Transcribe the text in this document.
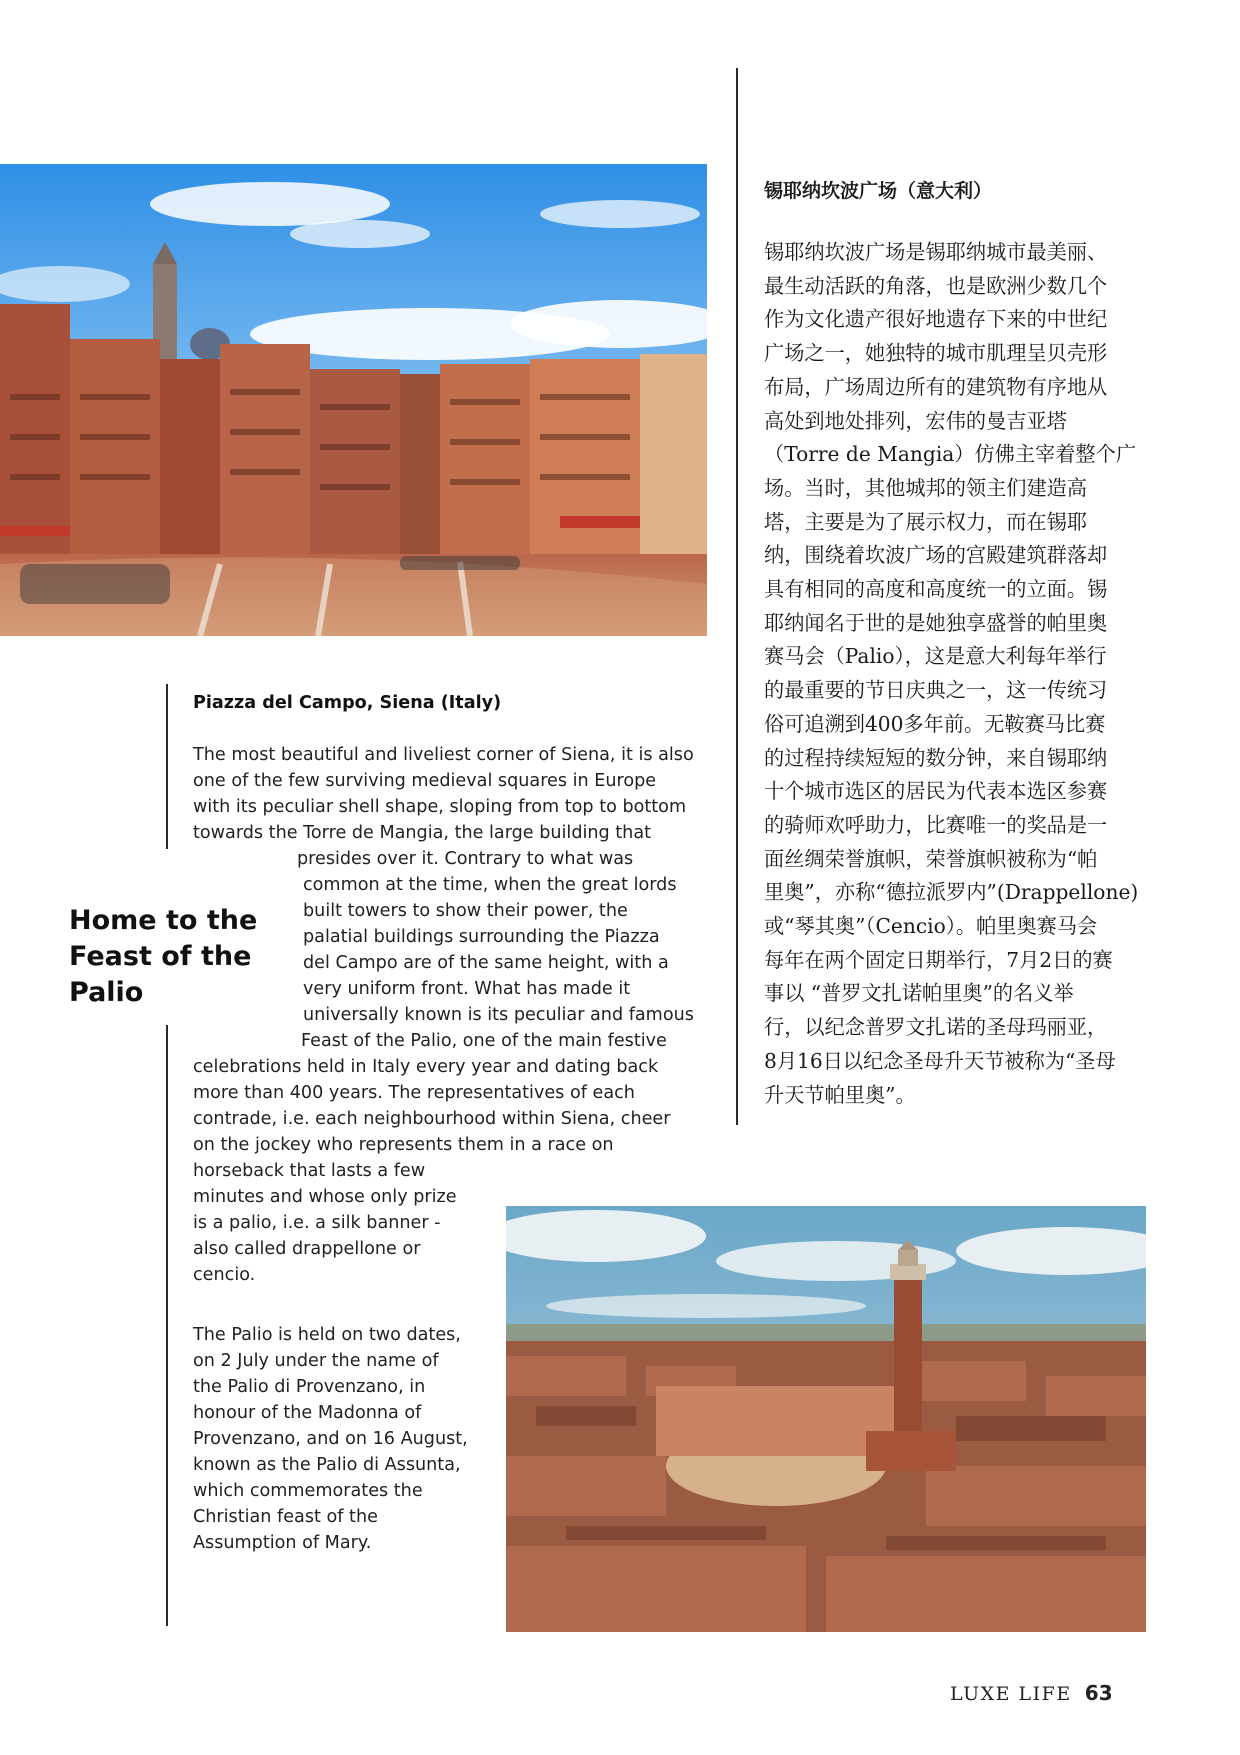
Piazza del Campo, Siena (Italy)
Home to the
Feast of the
Palio
The most beautiful and liveliest corner of Siena, it is also
one of the few surviving medieval squares in Europe
with its peculiar shell shape, sloping from top to bottom
towards the Torre de Mangia, the large building that
presides over it. Contrary to what was
common at the time, when the great lords
built towers to show their power, the
palatial buildings surrounding the Piazza
del Campo are of the same height, with a
very uniform front. What has made it
universally known is its peculiar and famous
Feast of the Palio, one of the main festive
celebrations held in Italy every year and dating back
more than 400 years. The representatives of each
contrade, i.e. each neighbourhood within Siena, cheer
on the jockey who represents them in a race on
horseback that lasts a few
minutes and whose only prize
is a palio, i.e. a silk banner -
also called drappellone or
cencio.
The Palio is held on two dates,
on 2 July under the name of
the Palio di Provenzano, in
honour of the Madonna of
Provenzano, and on 16 August,
known as the Palio di Assunta,
which commemorates the
Christian feast of the
Assumption of Mary.
锡耶纳坎波广场（意大利）
锡耶纳坎波广场是锡耶纳城市最美丽、
最生动活跃的角落，也是欧洲少数几个
作为文化遗产很好地遗存下来的中世纪
广场之一，她独特的城市肌理呈贝壳形
布局，广场周边所有的建筑物有序地从
高处到地处排列，宏伟的曼吉亚塔
（Torre de Mangia）仿佛主宰着整个广
场。当时，其他城邦的领主们建造高
塔，主要是为了展示权力，而在锡耶
纳，围绕着坎波广场的宫殿建筑群落却
具有相同的高度和高度统一的立面。锡
耶纳闻名于世的是她独享盛誉的帕里奥
赛马会（Palio），这是意大利每年举行
的最重要的节日庆典之一，这一传统习
俗可追溯到400多年前。无鞍赛马比赛
的过程持续短短的数分钟，来自锡耶纳
十个城市选区的居民为代表本选区参赛
的骑师欢呼助力，比赛唯一的奖品是一
面丝绸荣誉旗帜，荣誉旗帜被称为“帕
里奥”，亦称“德拉派罗内”(Drappellone)
或“琴其奥”（Cencio）。帕里奥赛马会
每年在两个固定日期举行，7月2日的赛
事以 “普罗文扎诺帕里奥”的名义举
行，以纪念普罗文扎诺的圣母玛丽亚，
8月16日以纪念圣母升天节被称为“圣母
升天节帕里奥”。
LUXE LIFE 63
